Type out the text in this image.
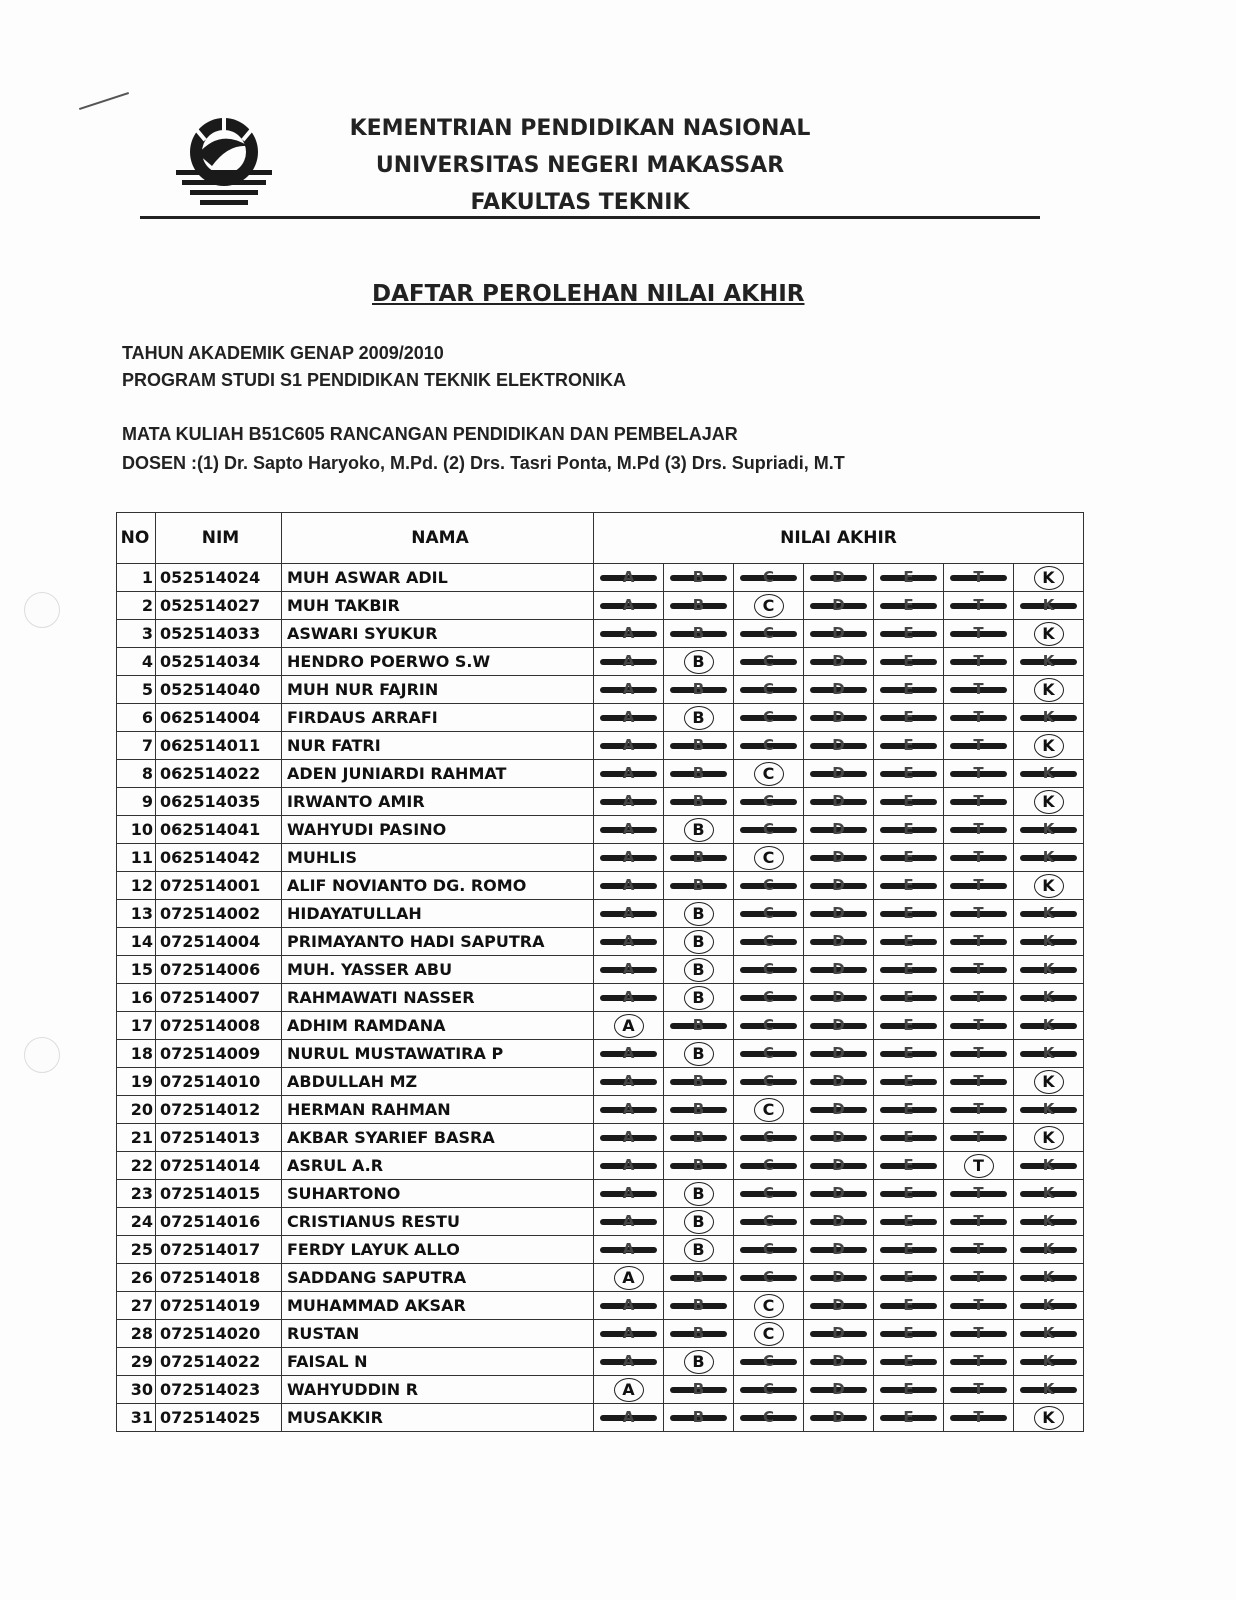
KEMENTRIAN PENDIDIKAN NASIONAL
UNIVERSITAS NEGERI MAKASSAR
FAKULTAS TEKNIK
DAFTAR PEROLEHAN NILAI AKHIR
TAHUN AKADEMIK GENAP 2009/2010
PROGRAM STUDI S1 PENDIDIKAN TEKNIK ELEKTRONIKA
MATA KULIAH B51C605 RANCANGAN PENDIDIKAN DAN PEMBELAJAR
DOSEN :(1) Dr. Sapto Haryoko, M.Pd. (2) Drs. Tasri Ponta, M.Pd (3) Drs. Supriadi, M.T
NO	NIM	NAMA	NILAI AKHIR						
1	052514024	MUH ASWAR ADIL	A	B	C	D	E	T	K

2	052514027	MUH TAKBIR	A	B	C	D	E	T	K

3	052514033	ASWARI SYUKUR	A	B	C	D	E	T	K

4	052514034	HENDRO POERWO S.W	A	B	C	D	E	T	K

5	052514040	MUH NUR FAJRIN	A	B	C	D	E	T	K

6	062514004	FIRDAUS ARRAFI	A	B	C	D	E	T	K

7	062514011	NUR FATRI	A	B	C	D	E	T	K

8	062514022	ADEN JUNIARDI RAHMAT	A	B	C	D	E	T	K

9	062514035	IRWANTO AMIR	A	B	C	D	E	T	K

10	062514041	WAHYUDI PASINO	A	B	C	D	E	T	K

11	062514042	MUHLIS	A	B	C	D	E	T	K

12	072514001	ALIF NOVIANTO DG. ROMO	A	B	C	D	E	T	K

13	072514002	HIDAYATULLAH	A	B	C	D	E	T	K

14	072514004	PRIMAYANTO HADI SAPUTRA	A	B	C	D	E	T	K

15	072514006	MUH. YASSER ABU	A	B	C	D	E	T	K

16	072514007	RAHMAWATI NASSER	A	B	C	D	E	T	K

17	072514008	ADHIM RAMDANA	A	B	C	D	E	T	K

18	072514009	NURUL MUSTAWATIRA P	A	B	C	D	E	T	K

19	072514010	ABDULLAH MZ	A	B	C	D	E	T	K

20	072514012	HERMAN RAHMAN	A	B	C	D	E	T	K

21	072514013	AKBAR SYARIEF BASRA	A	B	C	D	E	T	K

22	072514014	ASRUL A.R	A	B	C	D	E	T	K

23	072514015	SUHARTONO	A	B	C	D	E	T	K

24	072514016	CRISTIANUS RESTU	A	B	C	D	E	T	K

25	072514017	FERDY LAYUK ALLO	A	B	C	D	E	T	K

26	072514018	SADDANG SAPUTRA	A	B	C	D	E	T	K

27	072514019	MUHAMMAD AKSAR	A	B	C	D	E	T	K

28	072514020	RUSTAN	A	B	C	D	E	T	K

29	072514022	FAISAL N	A	B	C	D	E	T	K

30	072514023	WAHYUDDIN R	A	B	C	D	E	T	K

31	072514025	MUSAKKIR	A	B	C	D	E	T	K
